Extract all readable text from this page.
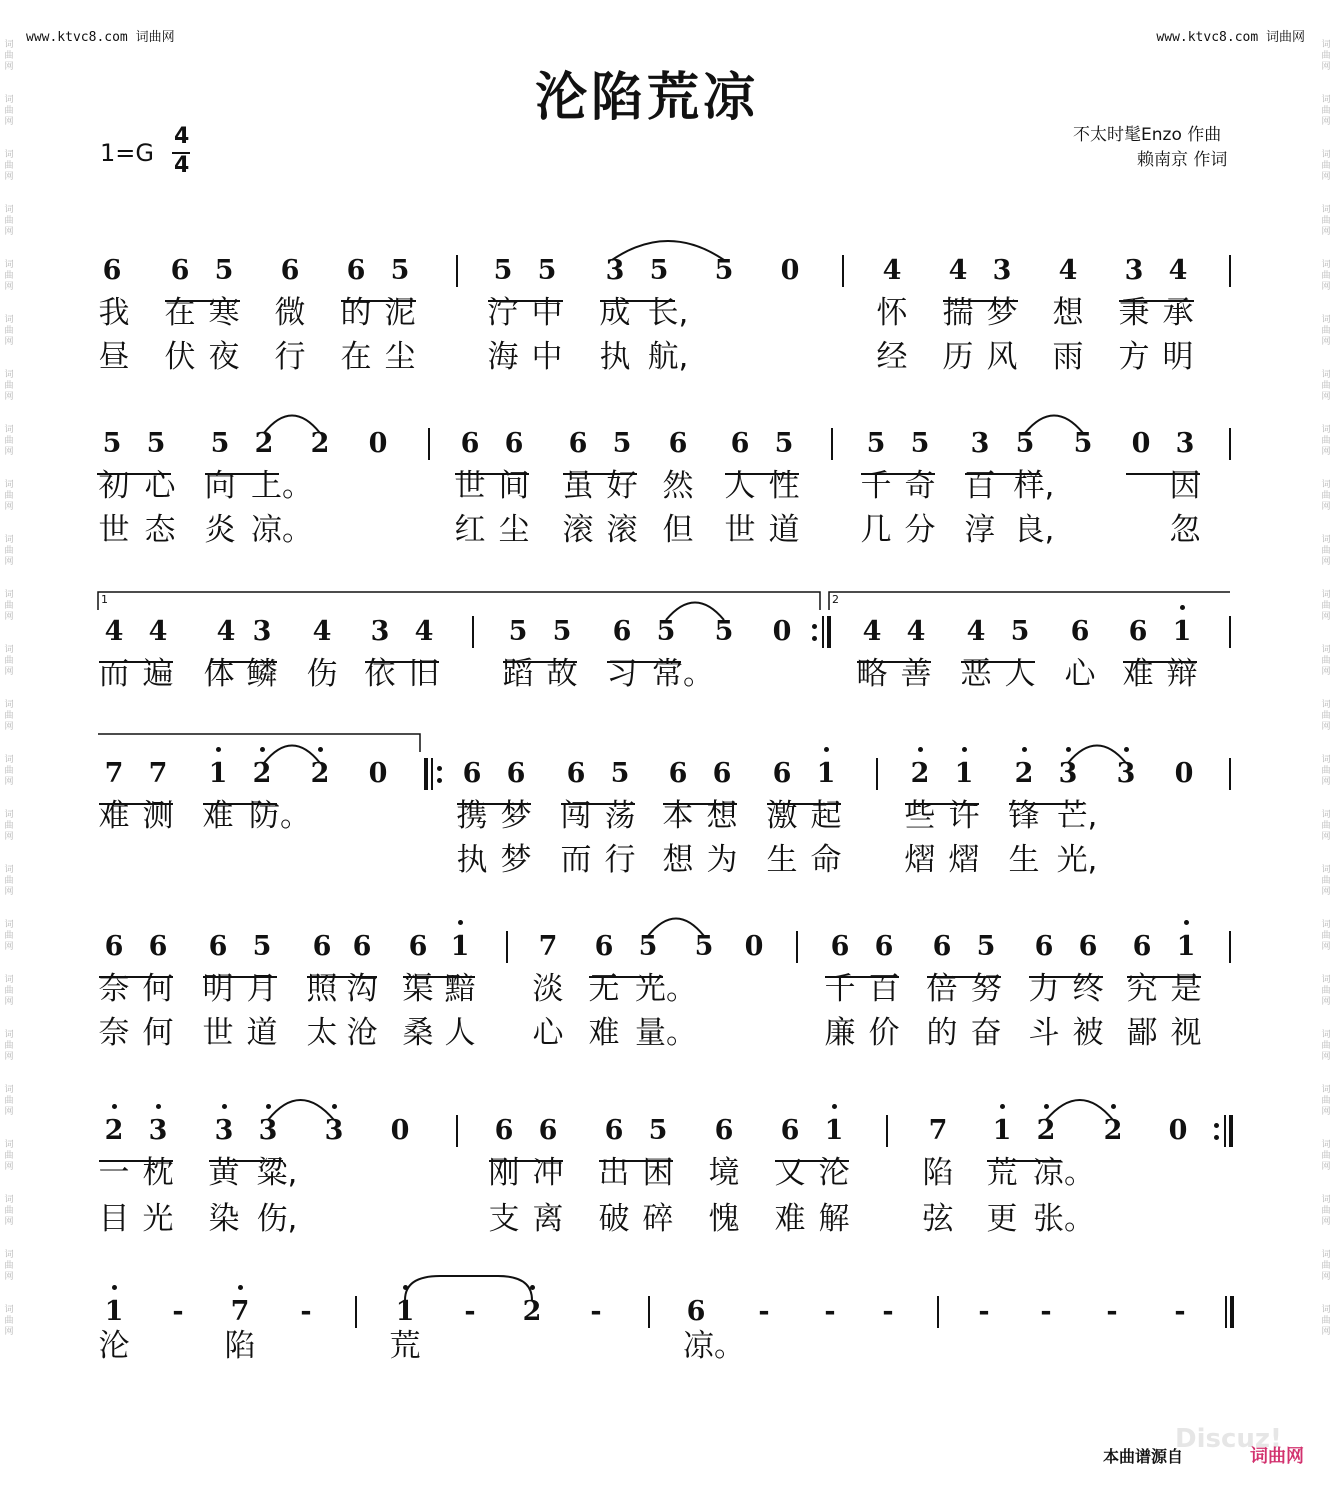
www.ktvc8.com 词曲网	www.ktvc8.com 词曲网
词
曲
网

词
曲
网

词
曲
网

词
曲
网

词
曲
网

词
曲
网

词
曲
网

词
曲
网

词
曲
网

词
曲
网

词
曲
网

词
曲
网

词
曲
网

词
曲
网

词
曲
网

词
曲
网

词
曲
网

词
曲
网

词
曲
网

词
曲
网

词
曲
网

词
曲
网

词
曲
网

词
曲
网

词
曲
网

词
曲
网

词
曲
网

词
曲
网

词
曲
网

词
曲
网

词
曲
网

词
曲
网

词
曲
网

词
曲
网

词
曲
网

词
曲
网

词
曲
网

词
曲
网

词
曲
网

词
曲
网

词
曲
网

词
曲
网

词
曲
网

词
曲
网

词
曲
网

词
曲
网

词
曲
网

词
曲
网

沦陷荒凉
1=G
4
4
不太时髦Enzo 作曲
赖南京 作词
6 6 5 6 6 5	5 5 3 5 5 0	4 4 3 4 3 4
我 在 寒 微 的 泥 泞 中 成 长,	怀 揣 梦 想 秉 承
昼 伏 夜 行 在 尘 海 中 执 航,	经 历 风 雨 方 明
5 5 5 2 2 0	6 6 6 5 6 6 5	5 5 3 5 5 0 3
初 心 向 上。	世 间 虽 好 然 人 性 千 奇 百 样,	因
世 态 炎 凉。	红 尘 滚 滚 但 世 道 几 分 淳 良,	忽
4 4 4 3 4 3 4	5 5 6 5 5 0	4 4 4 5 6 6 1
而 遍 体 鳞 伤 依 旧 蹈 故 习 常。	略 善 恶 人 心 难 辩
7 7 1 2 2 0	6 6 6 5 6 6 6 1	2 1 2 3 3 0
难 测 难 防。	携 梦 闯 荡 本 想 激 起 些 许 锋 芒,
执 梦 而 行 想 为 生 命 熠 熠 生 光,
6 6 6 5 6 6 6 1	7 6 5 5 0 6 6 6 5 6 6 6 1
奈 何 明 月 照 沟 渠 黯 淡 无 光。	千 百 倍 努 力 终 究 是
奈 何 世 道 太 沧 桑 人 心 难 量。	廉 价 的 奋 斗 被 鄙 视
2 3 3 3 3 0	6 6 6 5 6 6 1	7 1 2 2 0
一 枕 黄 粱,	刚 冲 出 困 境 又 沦 陷 荒 凉。
目 光 染 伤,	支 离 破 碎 愧 难 解 弦 更 张。
1	-	7	-	1	-	2	-	6	-	-	-	-	-	-	-
沦	陷	荒	凉。
1	2
Discuz!
本曲谱源自	词曲网
